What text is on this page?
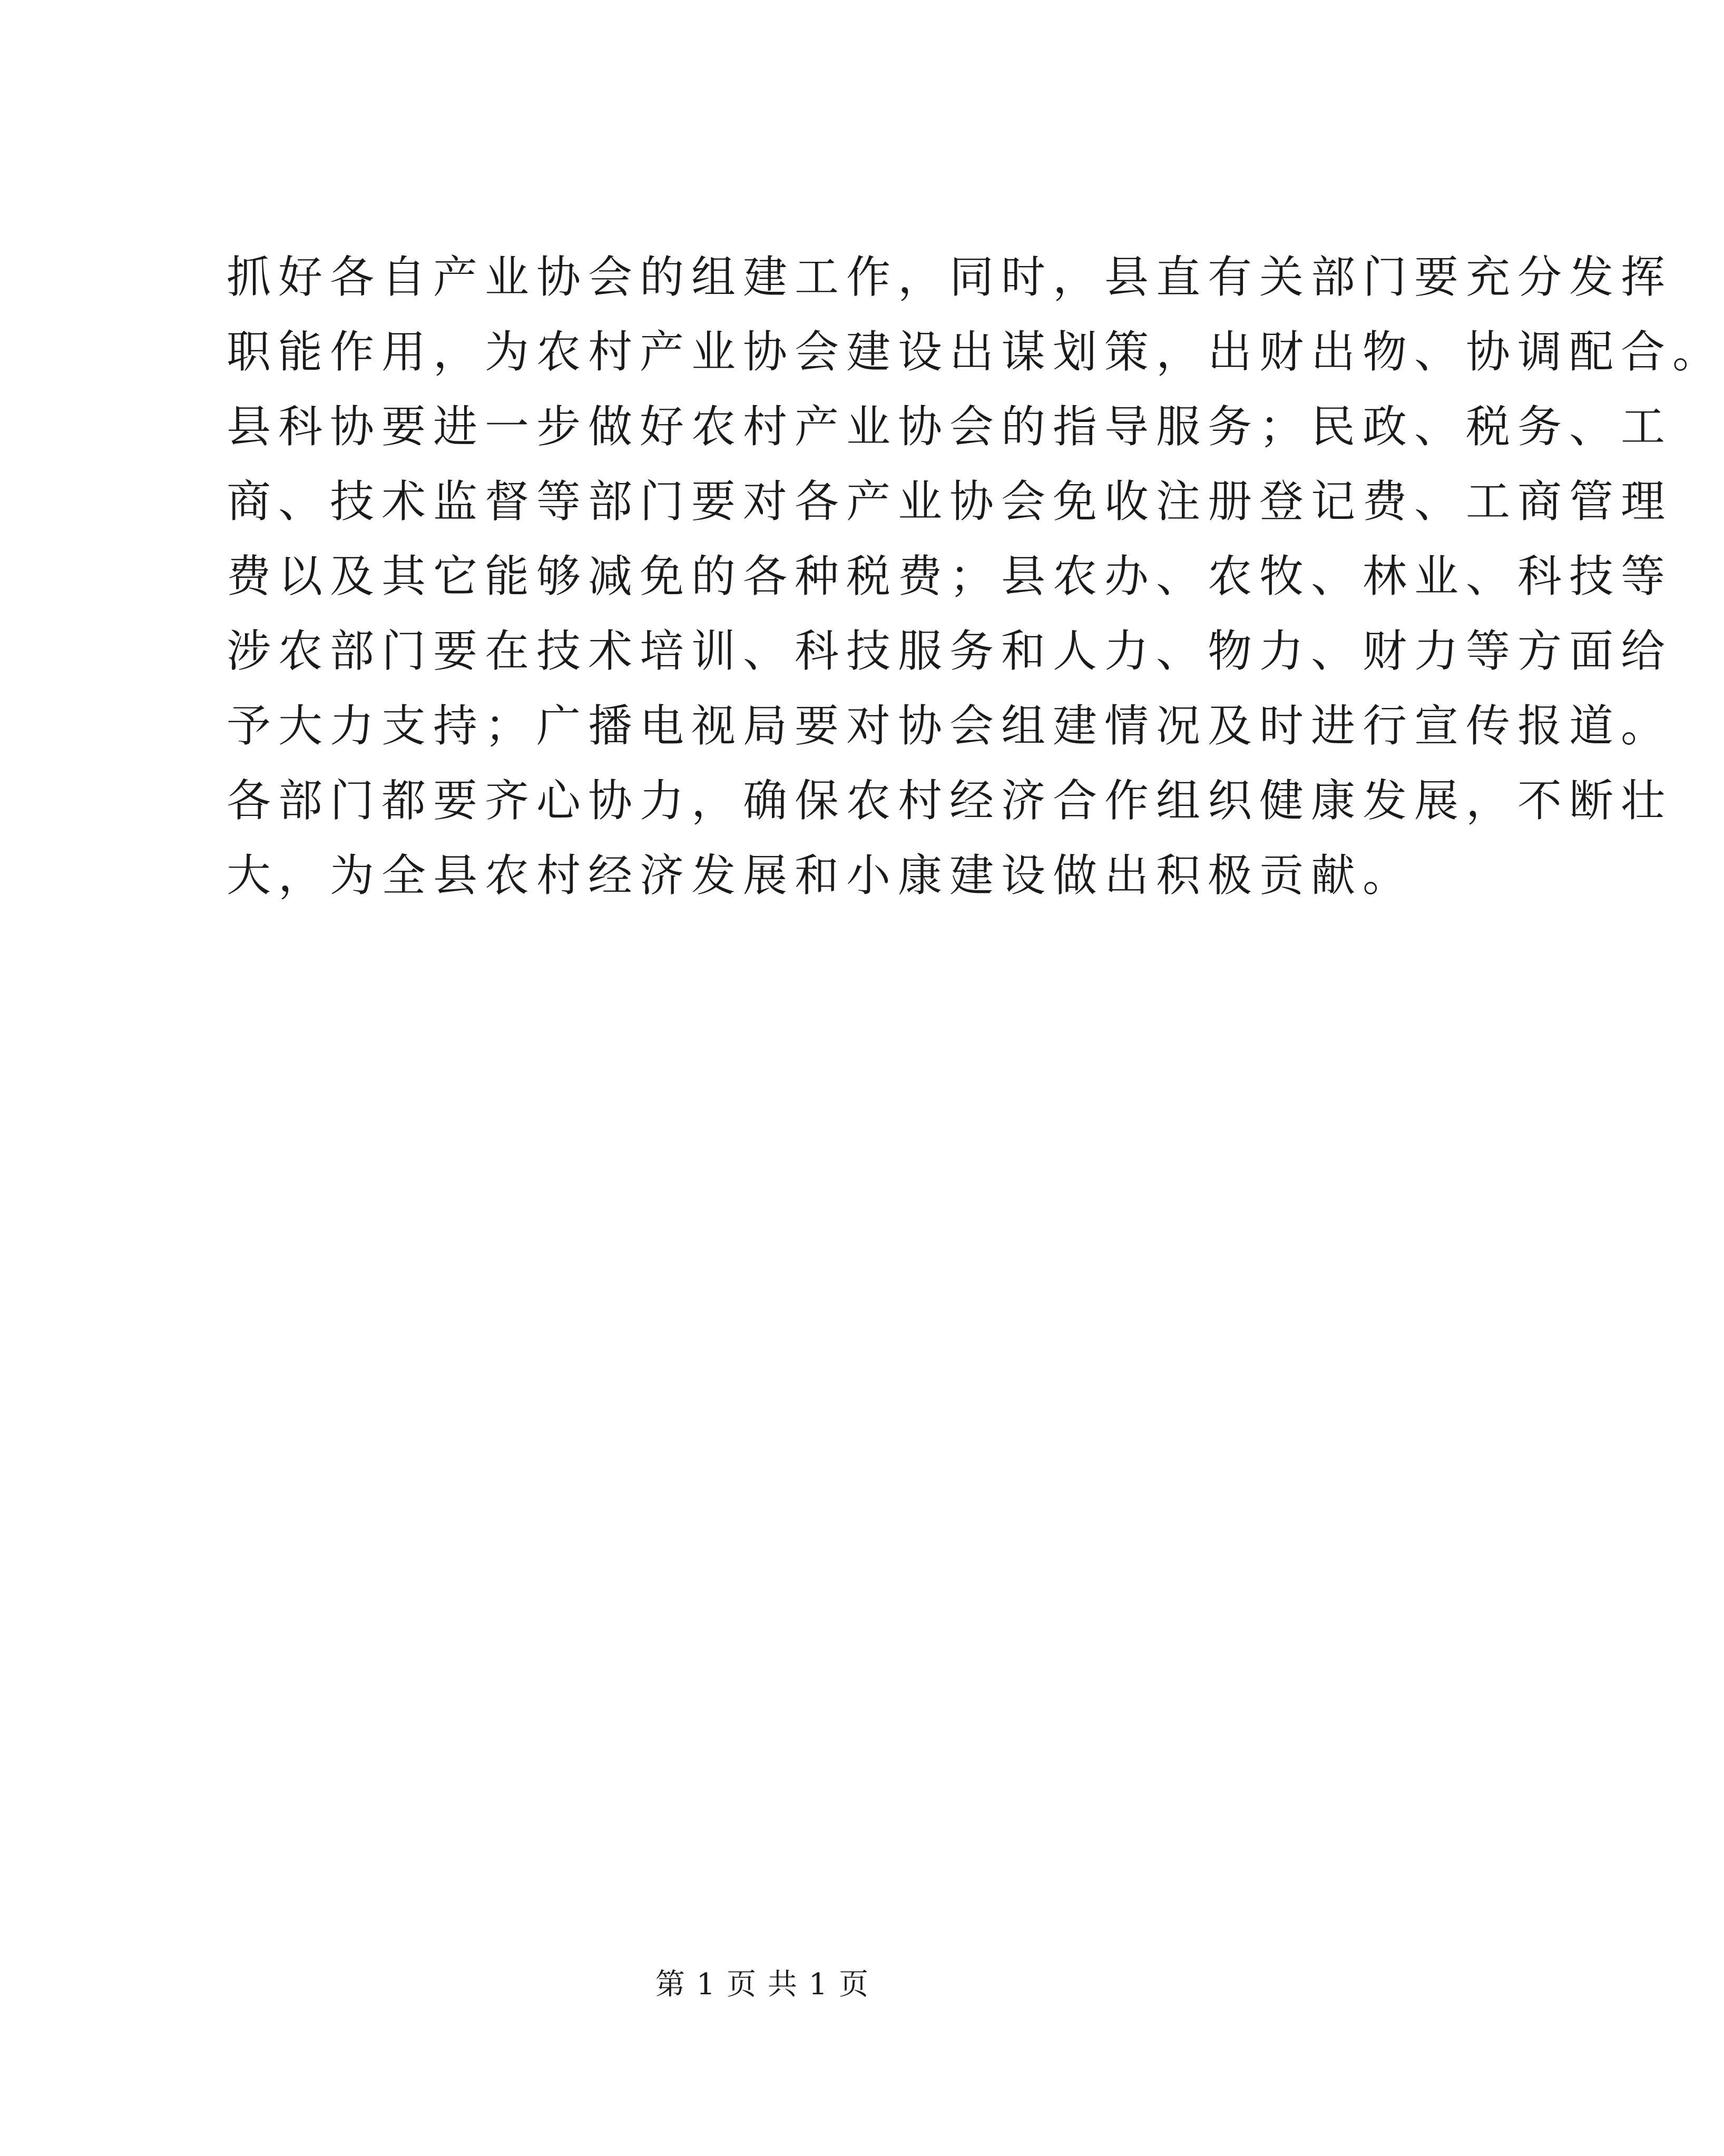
抓好各自产业协会的组建工作，同时，县直有关部门要充分发挥
职能作用，为农村产业协会建设出谋划策，出财出物、协调配合。
县科协要进一步做好农村产业协会的指导服务；民政、税务、工
商、技术监督等部门要对各产业协会免收注册登记费、工商管理
费以及其它能够减免的各种税费；县农办、农牧、林业、科技等
涉农部门要在技术培训、科技服务和人力、物力、财力等方面给
予大力支持；广播电视局要对协会组建情况及时进行宣传报道。
各部门都要齐心协力，确保农村经济合作组织健康发展，不断壮
大，为全县农村经济发展和小康建设做出积极贡献。
第 1 页 共 1 页
